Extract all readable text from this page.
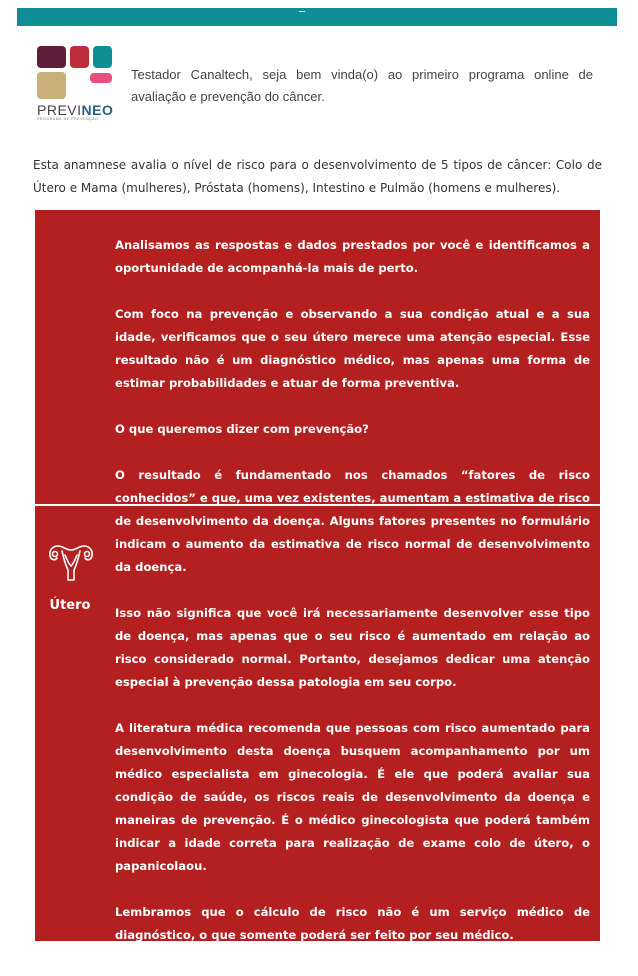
PREVINEO
PROGRAMA DE PREVENÇÃO
Testador Canaltech, seja bem vinda(o) ao primeiro programa online de avaliação e prevenção do câncer.
Esta anamnese avalia o nível de risco para o desenvolvimento de 5 tipos de câncer: Colo de Útero e Mama (mulheres), Próstata (homens), Intestino e Pulmão (homens e mulheres).

Analisamos as respostas e dados prestados por você e identificamos a oportunidade de acompanhá-la mais de perto.

Com foco na prevenção e observando a sua condição atual e a sua idade, verificamos que o seu útero merece uma atenção especial. Esse resultado não é um diagnóstico médico, mas apenas uma forma de estimar probabilidades e atuar de forma preventiva.

O que queremos dizer com prevenção?

O resultado é fundamentado nos chamados “fatores de risco conhecidos” e que, uma vez existentes, aumentam a estimativa de risco de desenvolvimento da doença. Alguns fatores presentes no formulário indicam o aumento da estimativa de risco normal de desenvolvimento da doença.

Isso não significa que você irá necessariamente desenvolver esse tipo de doença, mas apenas que o seu risco é aumentado em relação ao risco considerado normal. Portanto, desejamos dedicar uma atenção especial à prevenção dessa patologia em seu corpo.

A literatura médica recomenda que pessoas com risco aumentado para desenvolvimento desta doença busquem acompanhamento por um médico especialista em ginecologia. É ele que poderá avaliar sua condição de saúde, os riscos reais de desenvolvimento da doença e maneiras de prevenção. É o médico ginecologista que poderá também indicar a idade correta para realização de exame colo de útero, o papanicolaou.

Lembramos que o cálculo de risco não é um serviço médico de diagnóstico, o que somente poderá ser feito por seu médico.

Útero
